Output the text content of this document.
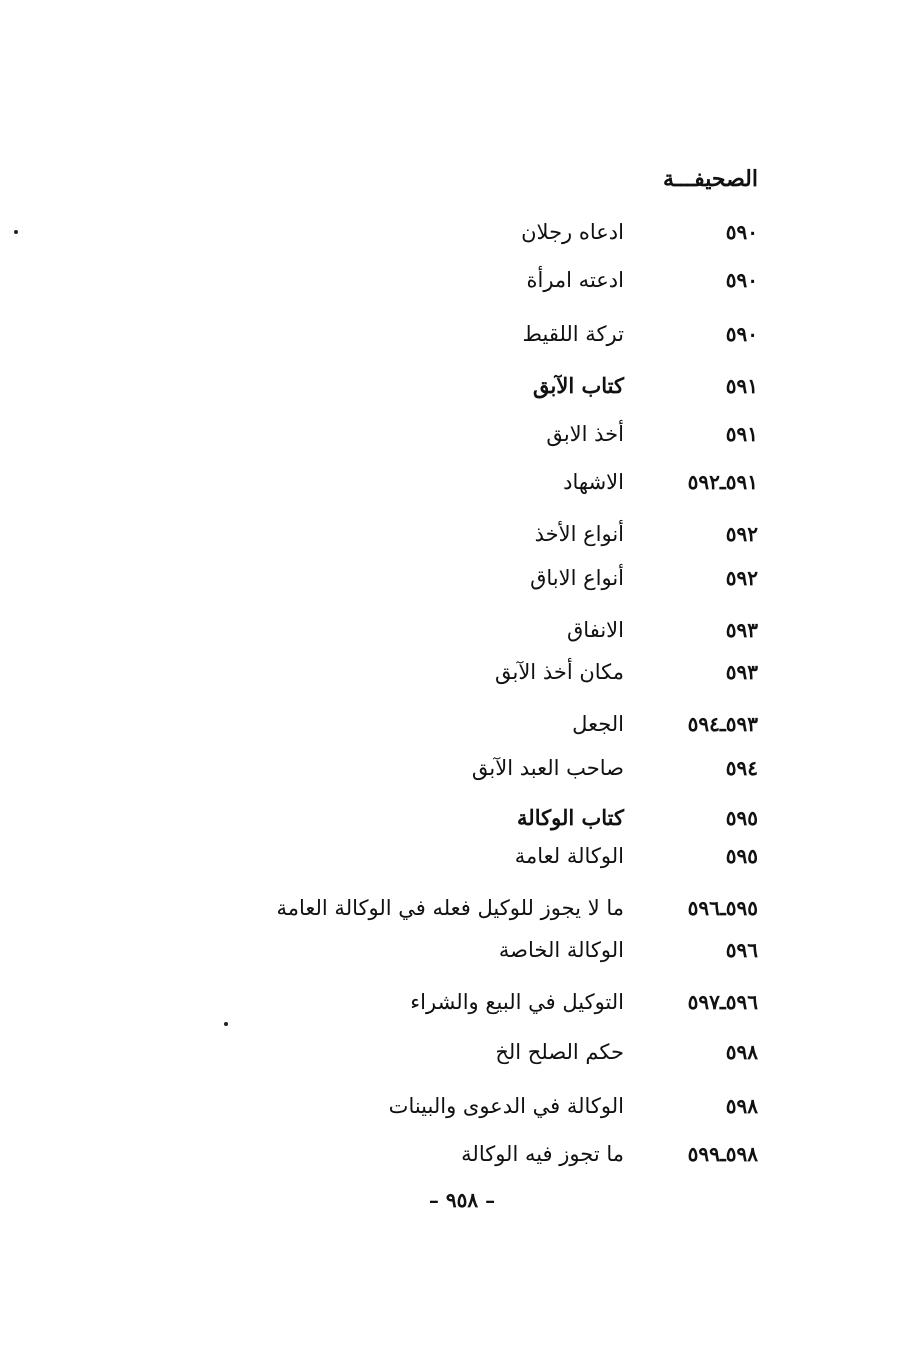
الصحيفـــة
٥٩٠
ادعاه رجلان
٥٩٠
ادعته امرأة
٥٩٠
تركة اللقيط
٥٩١
كتاب الآبق
٥٩١
أخذ الابق
٥٩١ـ٥٩٢
الاشهاد
٥٩٢
أنواع الأخذ
٥٩٢
أنواع الاباق
٥٩٣
الانفاق
٥٩٣
مكان أخذ الآبق
٥٩٣ـ٥٩٤
الجعل
٥٩٤
صاحب العبد الآبق
٥٩٥
كتاب الوكالة
٥٩٥
الوكالة لعامة
٥٩٥ـ٥٩٦
ما لا يجوز للوكيل فعله في الوكالة العامة
٥٩٦
الوكالة الخاصة
٥٩٦ـ٥٩٧
التوكيل في البيع والشراء
٥٩٨
حكم الصلح الخ
٥٩٨
الوكالة في الدعوى والبينات
٥٩٨ـ٥٩٩
ما تجوز فيه الوكالة
– ٩٥٨ –
